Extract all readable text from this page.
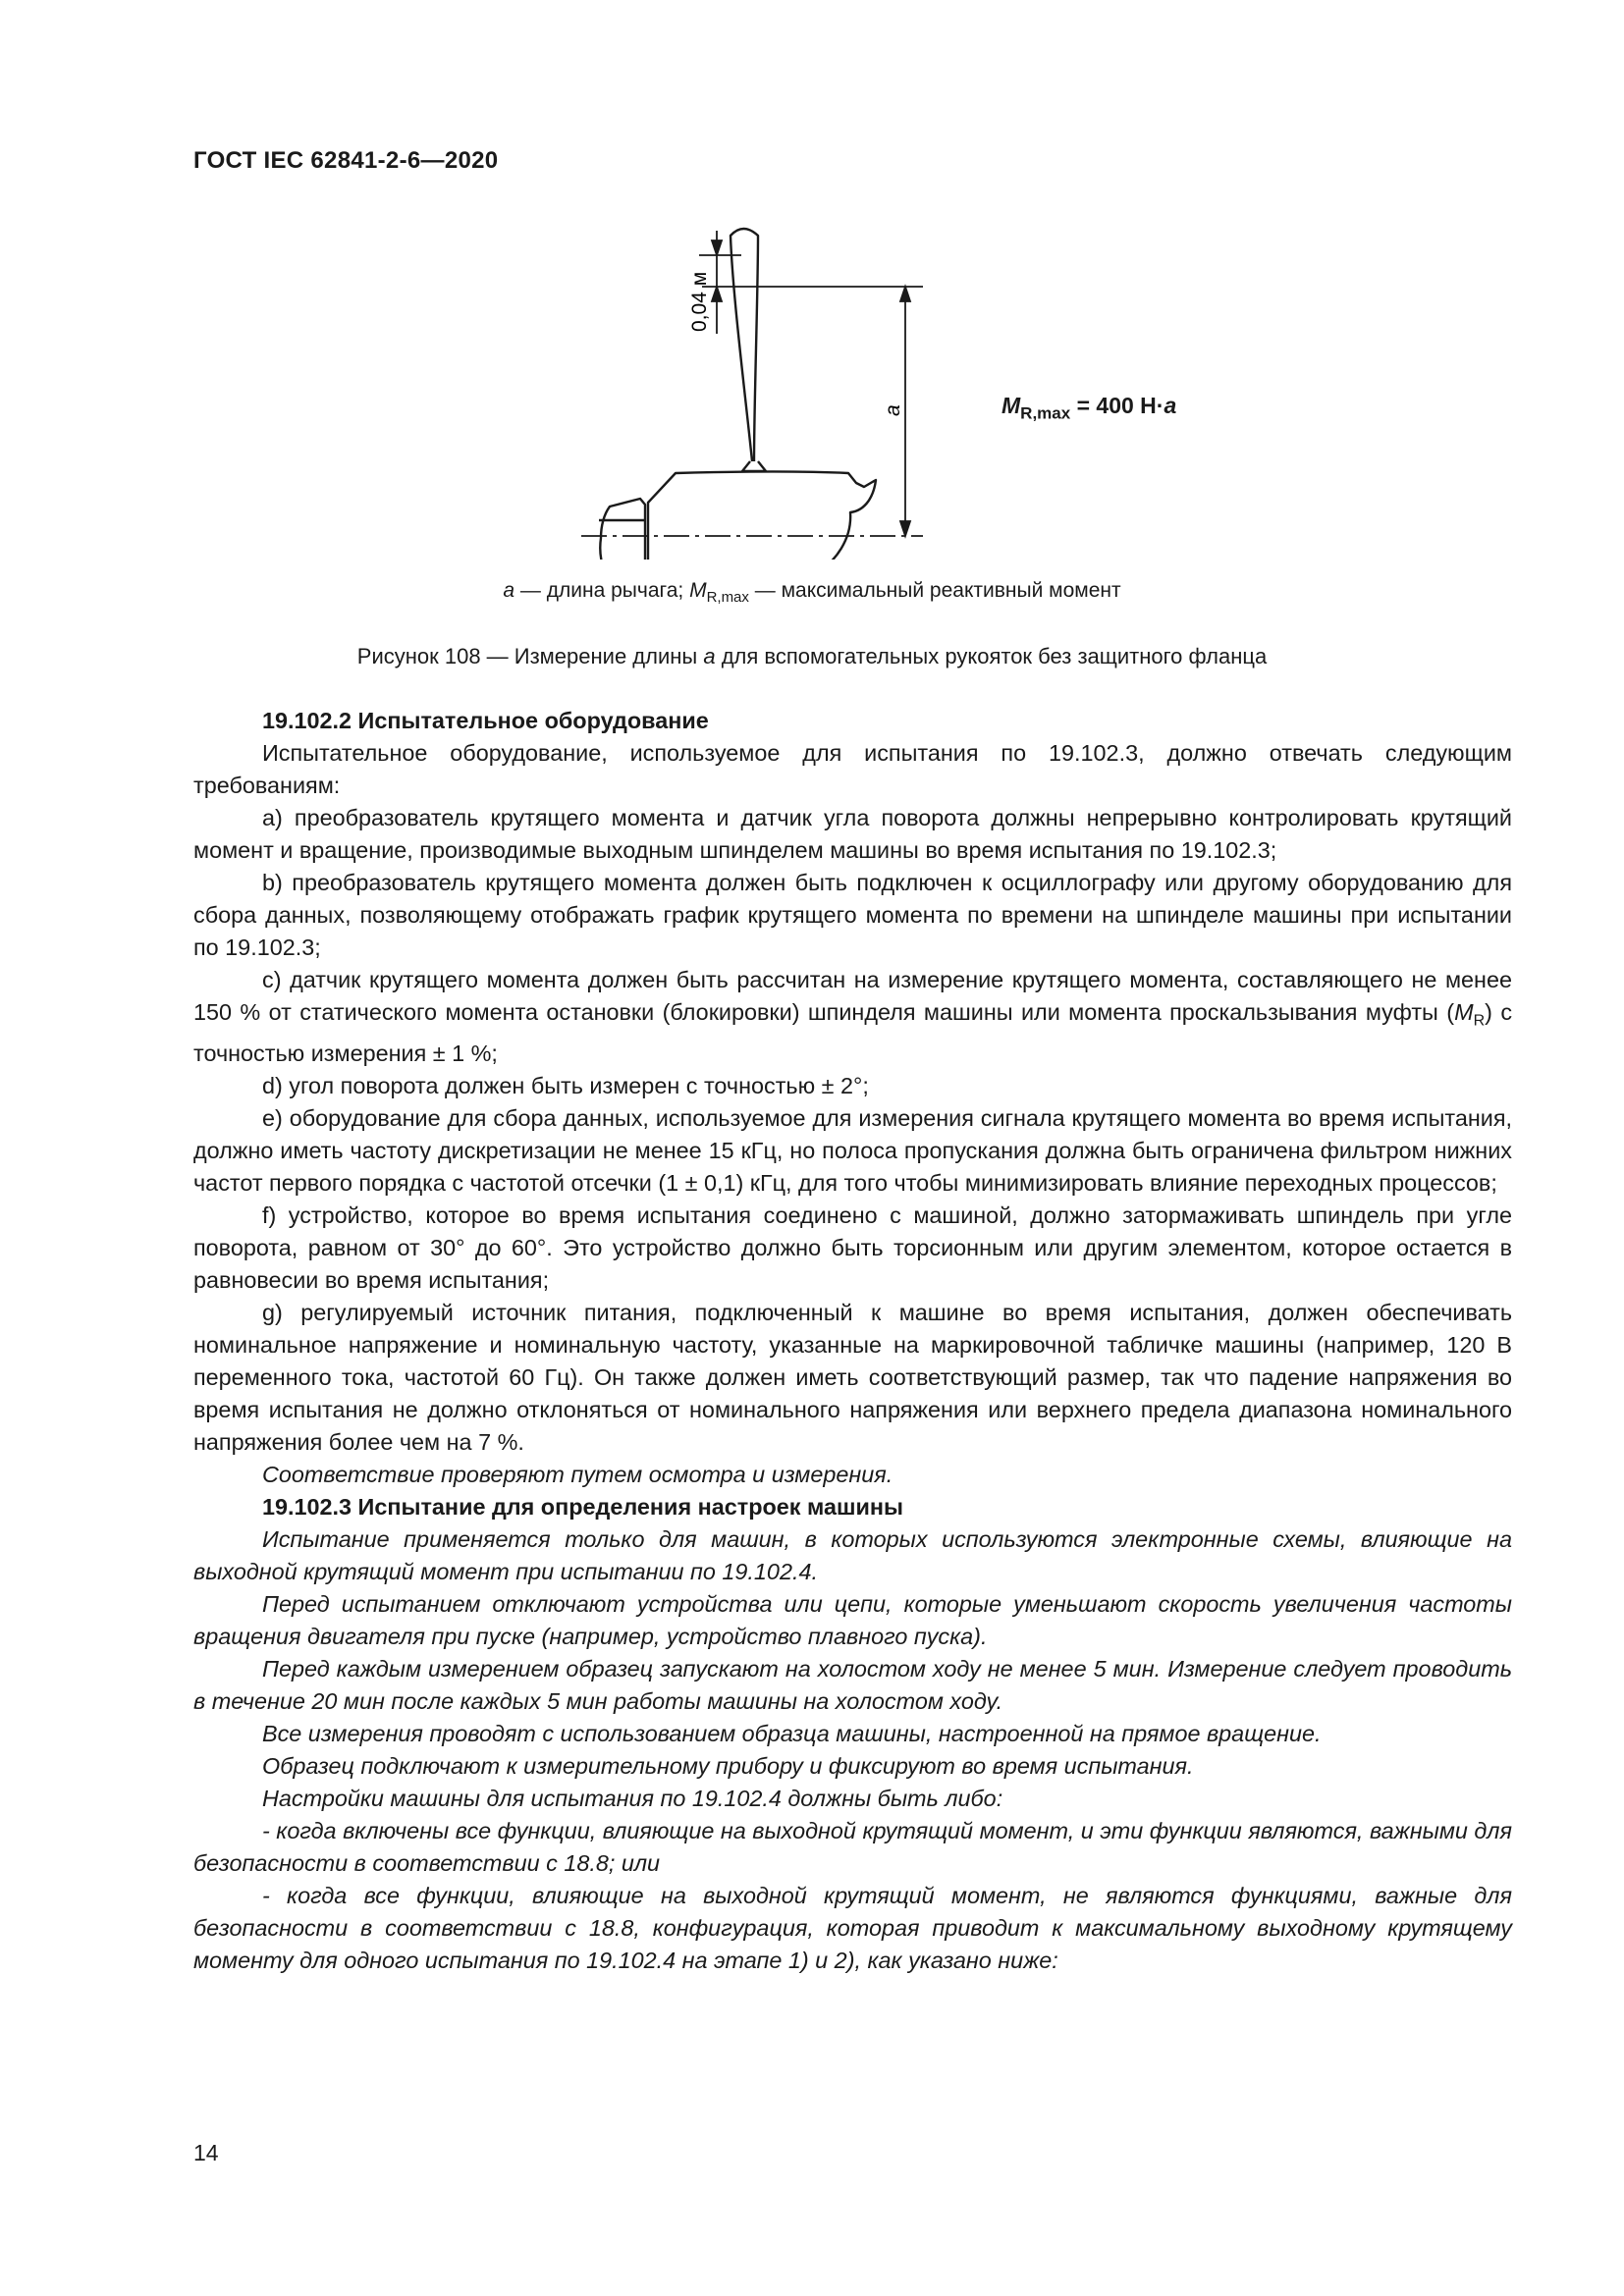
ГОСТ IEC 62841-2-6—2020
0,04 м
a	$M_{R,max} = 400$ Н·a
a — длина рычага; $M_{R,max}$ — максимальный реактивный момент
Рисунок 108 — Измерение длины a для вспомогательных рукояток без защитного фланца

19.102.2 Испытательное оборудование

Испытательное оборудование, используемое для испытания по 19.102.3, должно отвечать следующим требованиям:

a) преобразователь крутящего момента и датчик угла поворота должны непрерывно контролировать крутящий момент и вращение, производимые выходным шпинделем машины во время испытания по 19.102.3;

b) преобразователь крутящего момента должен быть подключен к осциллографу или другому оборудованию для сбора данных, позволяющему отображать график крутящего момента по времени на шпинделе машины при испытании по 19.102.3;

c) датчик крутящего момента должен быть рассчитан на измерение крутящего момента, составляющего не менее 150 % от статического момента остановки (блокировки) шпинделя машины или момента проскальзывания муфты $(M_R)$ с точностью измерения ± 1 %;

d) угол поворота должен быть измерен с точностью ± 2°;

e) оборудование для сбора данных, используемое для измерения сигнала крутящего момента во время испытания, должно иметь частоту дискретизации не менее 15 кГц, но полоса пропускания должна быть ограничена фильтром нижних частот первого порядка с частотой отсечки (1 ± 0,1) кГц, для того чтобы минимизировать влияние переходных процессов;

f) устройство, которое во время испытания соединено с машиной, должно затормаживать шпиндель при угле поворота, равном от 30° до 60°. Это устройство должно быть торсионным или другим элементом, которое остается в равновесии во время испытания;

g) регулируемый источник питания, подключенный к машине во время испытания, должен обеспечивать номинальное напряжение и номинальную частоту, указанные на маркировочной табличке машины (например, 120 В переменного тока, частотой 60 Гц). Он также должен иметь соответствующий размер, так что падение напряжения во время испытания не должно отклоняться от номинального напряжения или верхнего предела диапазона номинального напряжения более чем на 7 %.

Соответствие проверяют путем осмотра и измерения.

19.102.3 Испытание для определения настроек машины

Испытание применяется только для машин, в которых используются электронные схемы, влияющие на выходной крутящий момент при испытании по 19.102.4.

Перед испытанием отключают устройства или цепи, которые уменьшают скорость увеличения частоты вращения двигателя при пуске (например, устройство плавного пуска).

Перед каждым измерением образец запускают на холостом ходу не менее 5 мин. Измерение следует проводить в течение 20 мин после каждых 5 мин работы машины на холостом ходу.

Все измерения проводят с использованием образца машины, настроенной на прямое вращение.

Образец подключают к измерительному прибору и фиксируют во время испытания.

Настройки машины для испытания по 19.102.4 должны быть либо:

- когда включены все функции, влияющие на выходной крутящий момент, и эти функции являются, важными для безопасности в соответствии с 18.8; или

- когда все функции, влияющие на выходной крутящий момент, не являются функциями, важные для безопасности в соответствии с 18.8, конфигурация, которая приводит к максимальному выходному крутящему моменту для одного испытания по 19.102.4 на этапе 1) и 2), как указано ниже:

14
